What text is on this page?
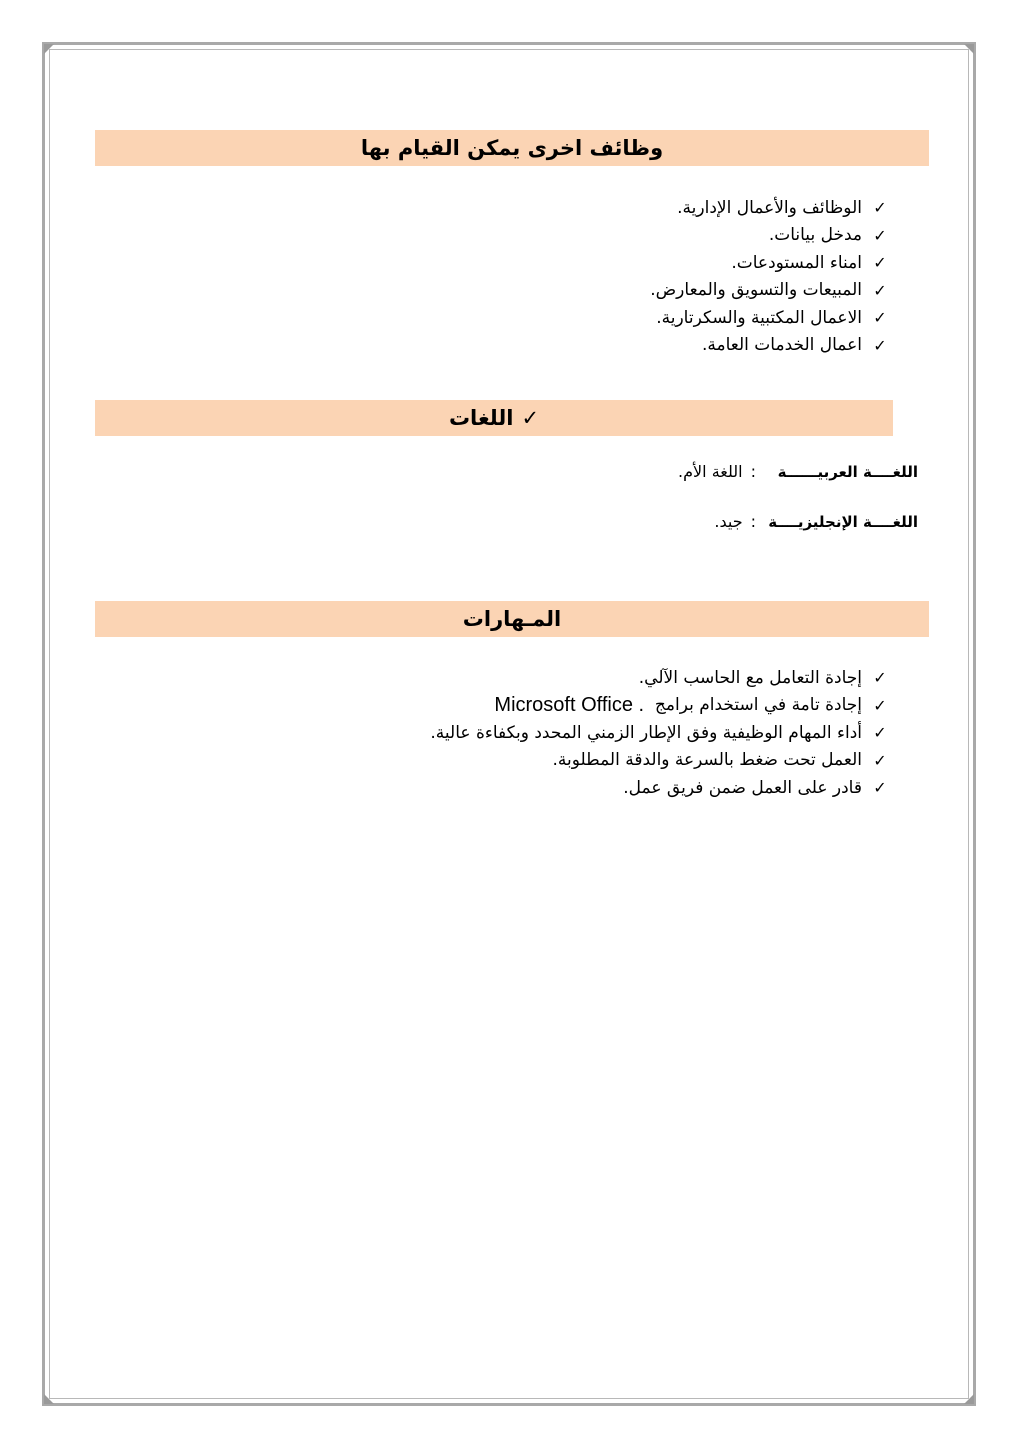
وظائف اخرى يمكن القيام بها
✓
الوظائف والأعمال الإدارية.
✓
مدخل بيانات.
✓
امناء المستودعات.
✓
المبيعات والتسويق والمعارض.
✓
الاعمال المكتبية والسكرتارية.
✓
اعمال الخدمات العامة.
✓
اللغات
اللغــــة العربيــــــة
:
اللغة الأم.
اللغــــة الإنجليزيــــة
:
جيد.
المـهارات
✓
إجادة التعامل مع الحاسب الآلي.
✓
إجادة تامة في استخدام برامج

Microsoft Office .
✓
أداء المهام الوظيفية وفق الإطار الزمني المحدد وبكفاءة عالية.
✓
العمل تحت ضغط بالسرعة والدقة المطلوبة.
✓
قادر على العمل ضمن فريق عمل.
